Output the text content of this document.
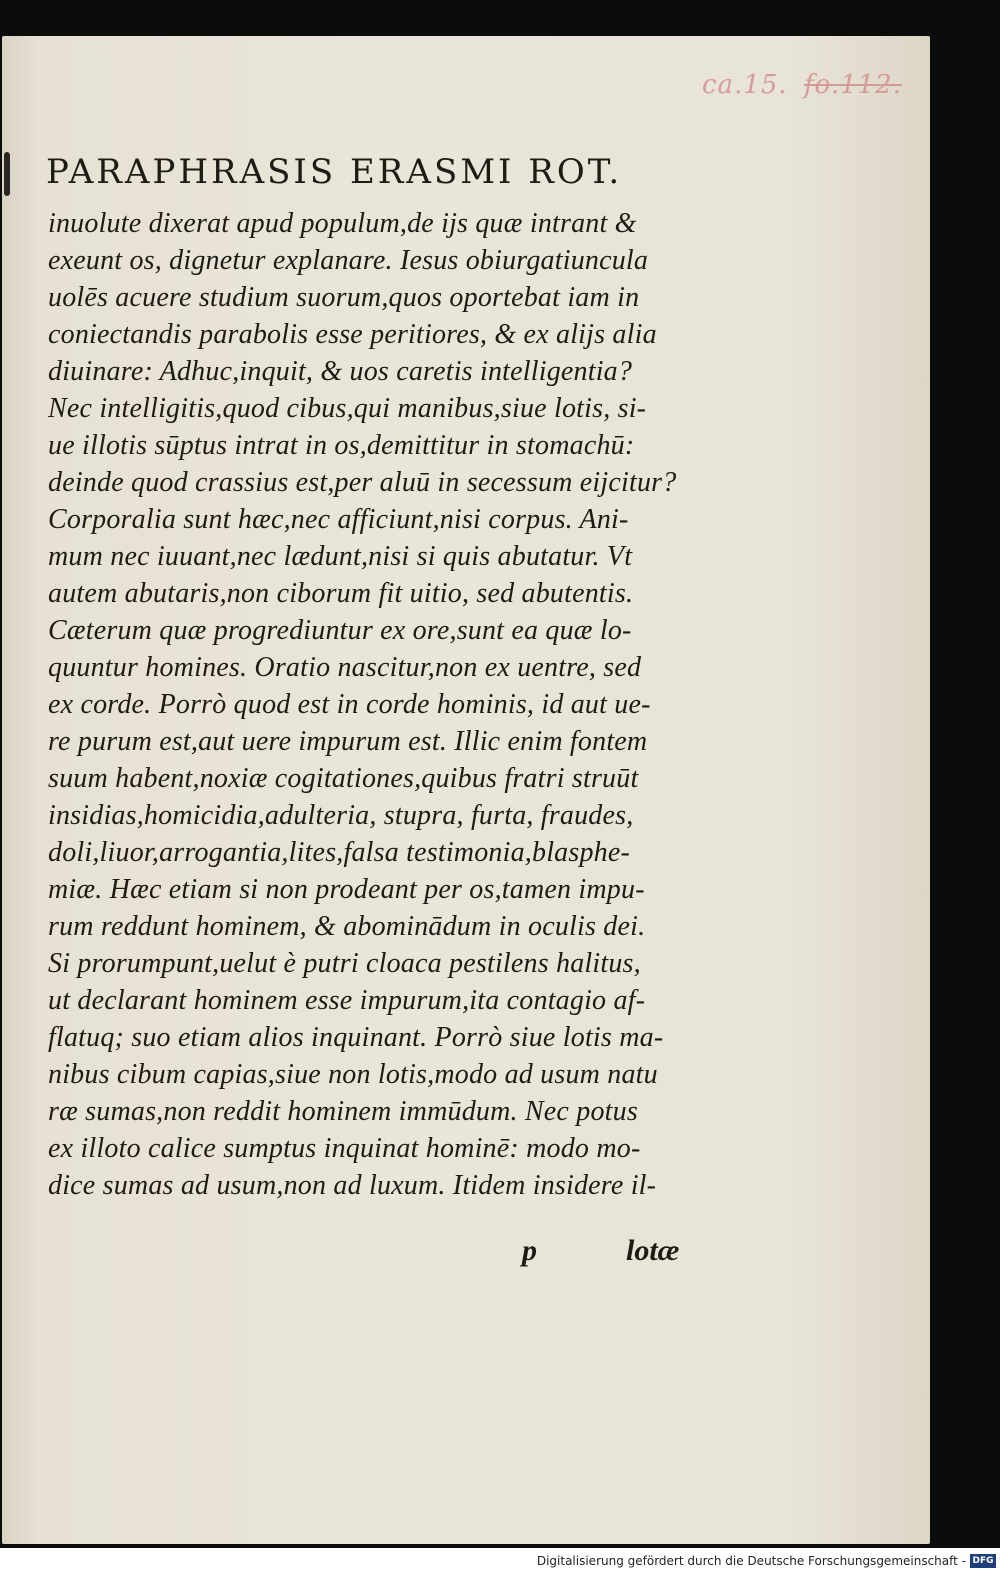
ca.15. fo.112.
PARAPHRASIS ERASMI ROT.
inuolute dixerat apud populum,de ijs quæ intrant &
exeunt os, dignetur explanare. Iesus obiurgatiuncula
uolēs acuere studium suorum,quos oportebat iam in
coniectandis parabolis esse peritiores, & ex alijs alia
diuinare: Adhuc,inquit, & uos caretis intelligentia?
Nec intelligitis,quod cibus,qui manibus,siue lotis, si-
ue illotis sūptus intrat in os,demittitur in stomachū:
deinde quod crassius est,per aluū in secessum eijcitur?
Corporalia sunt hæc,nec afficiunt,nisi corpus. Ani-
mum nec iuuant,nec lædunt,nisi si quis abutatur. Vt
autem abutaris,non ciborum fit uitio, sed abutentis.
Cæterum quæ progrediuntur ex ore,sunt ea quæ lo-
quuntur homines. Oratio nascitur,non ex uentre, sed
ex corde. Porrò quod est in corde hominis, id aut ue-
re purum est,aut uere impurum est. Illic enim fontem
suum habent,noxiæ cogitationes,quibus fratri struūt
insidias,homicidia,adulteria, stupra, furta, fraudes,
doli,liuor,arrogantia,lites,falsa testimonia,blasphe-
miæ. Hæc etiam si non prodeant per os,tamen impu-
rum reddunt hominem, & abominādum in oculis dei.
Si prorumpunt,uelut è putri cloaca pestilens halitus,
ut declarant hominem esse impurum,ita contagio af-
flatuq; suo etiam alios inquinant. Porrò siue lotis ma-
nibus cibum capias,siue non lotis,modo ad usum natu
ræ sumas,non reddit hominem immūdum. Nec potus
ex illoto calice sumptus inquinat hominē: modo mo-
dice sumas ad usum,non ad luxum. Itidem insidere il-
p	lotæ
Digitalisierung gefördert durch die Deutsche Forschungsgemeinschaft - DFG
